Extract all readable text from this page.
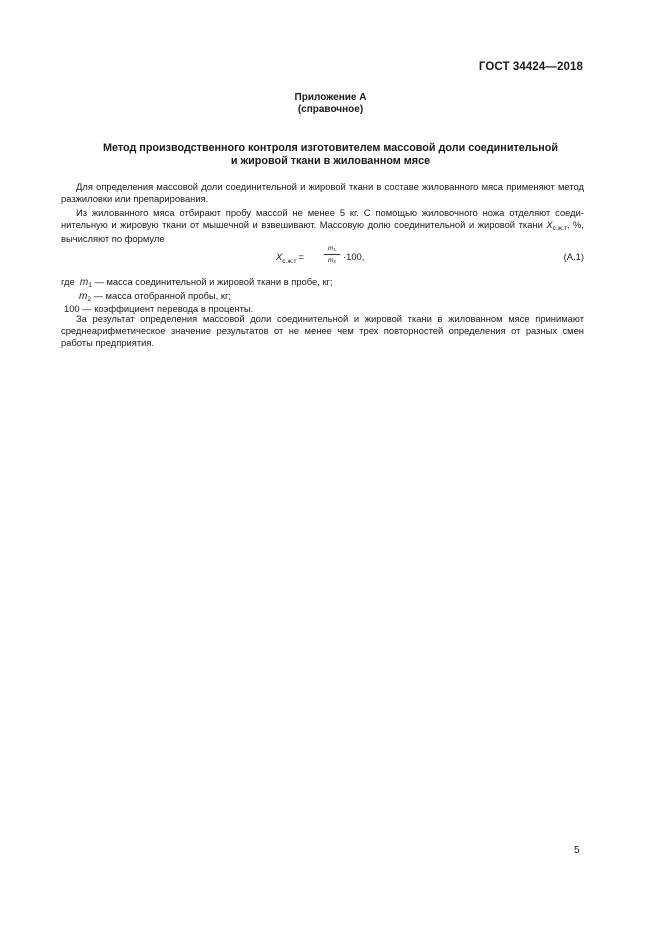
ГОСТ 34424—2018
Приложение А
(справочное)
Метод производственного контроля изготовителем массовой доли соединительной
и жировой ткани в жилованном мясе
Для определения массовой доли соединительной и жировой ткани в составе жилованного мяса применяют метод разжиловки или препарирования.
Из жилованного мяса отбирают пробу массой не менее 5 кг. С помощью жиловочного ножа отделяют соеди-
нительную и жировую ткани от мышечной и взвешивают. Массовую долю соединительной и жировой ткани $X_{с.ж.т}$, %,
вычисляют по формуле
$X_{с.ж.т}$ =
m1
m2 ·100,	(А.1)
где $m_1$ — масса соединительной и жировой ткани в пробе, кг;
$m_2$ — масса отобранной пробы, кг;
100 — коэффициент перевода в проценты.
За результат определения массовой доли соединительной и жировой ткани в жилованном мясе принимают среднеарифметическое значение результатов от не менее чем трех повторностей определения от разных смен работы предприятия.
5
